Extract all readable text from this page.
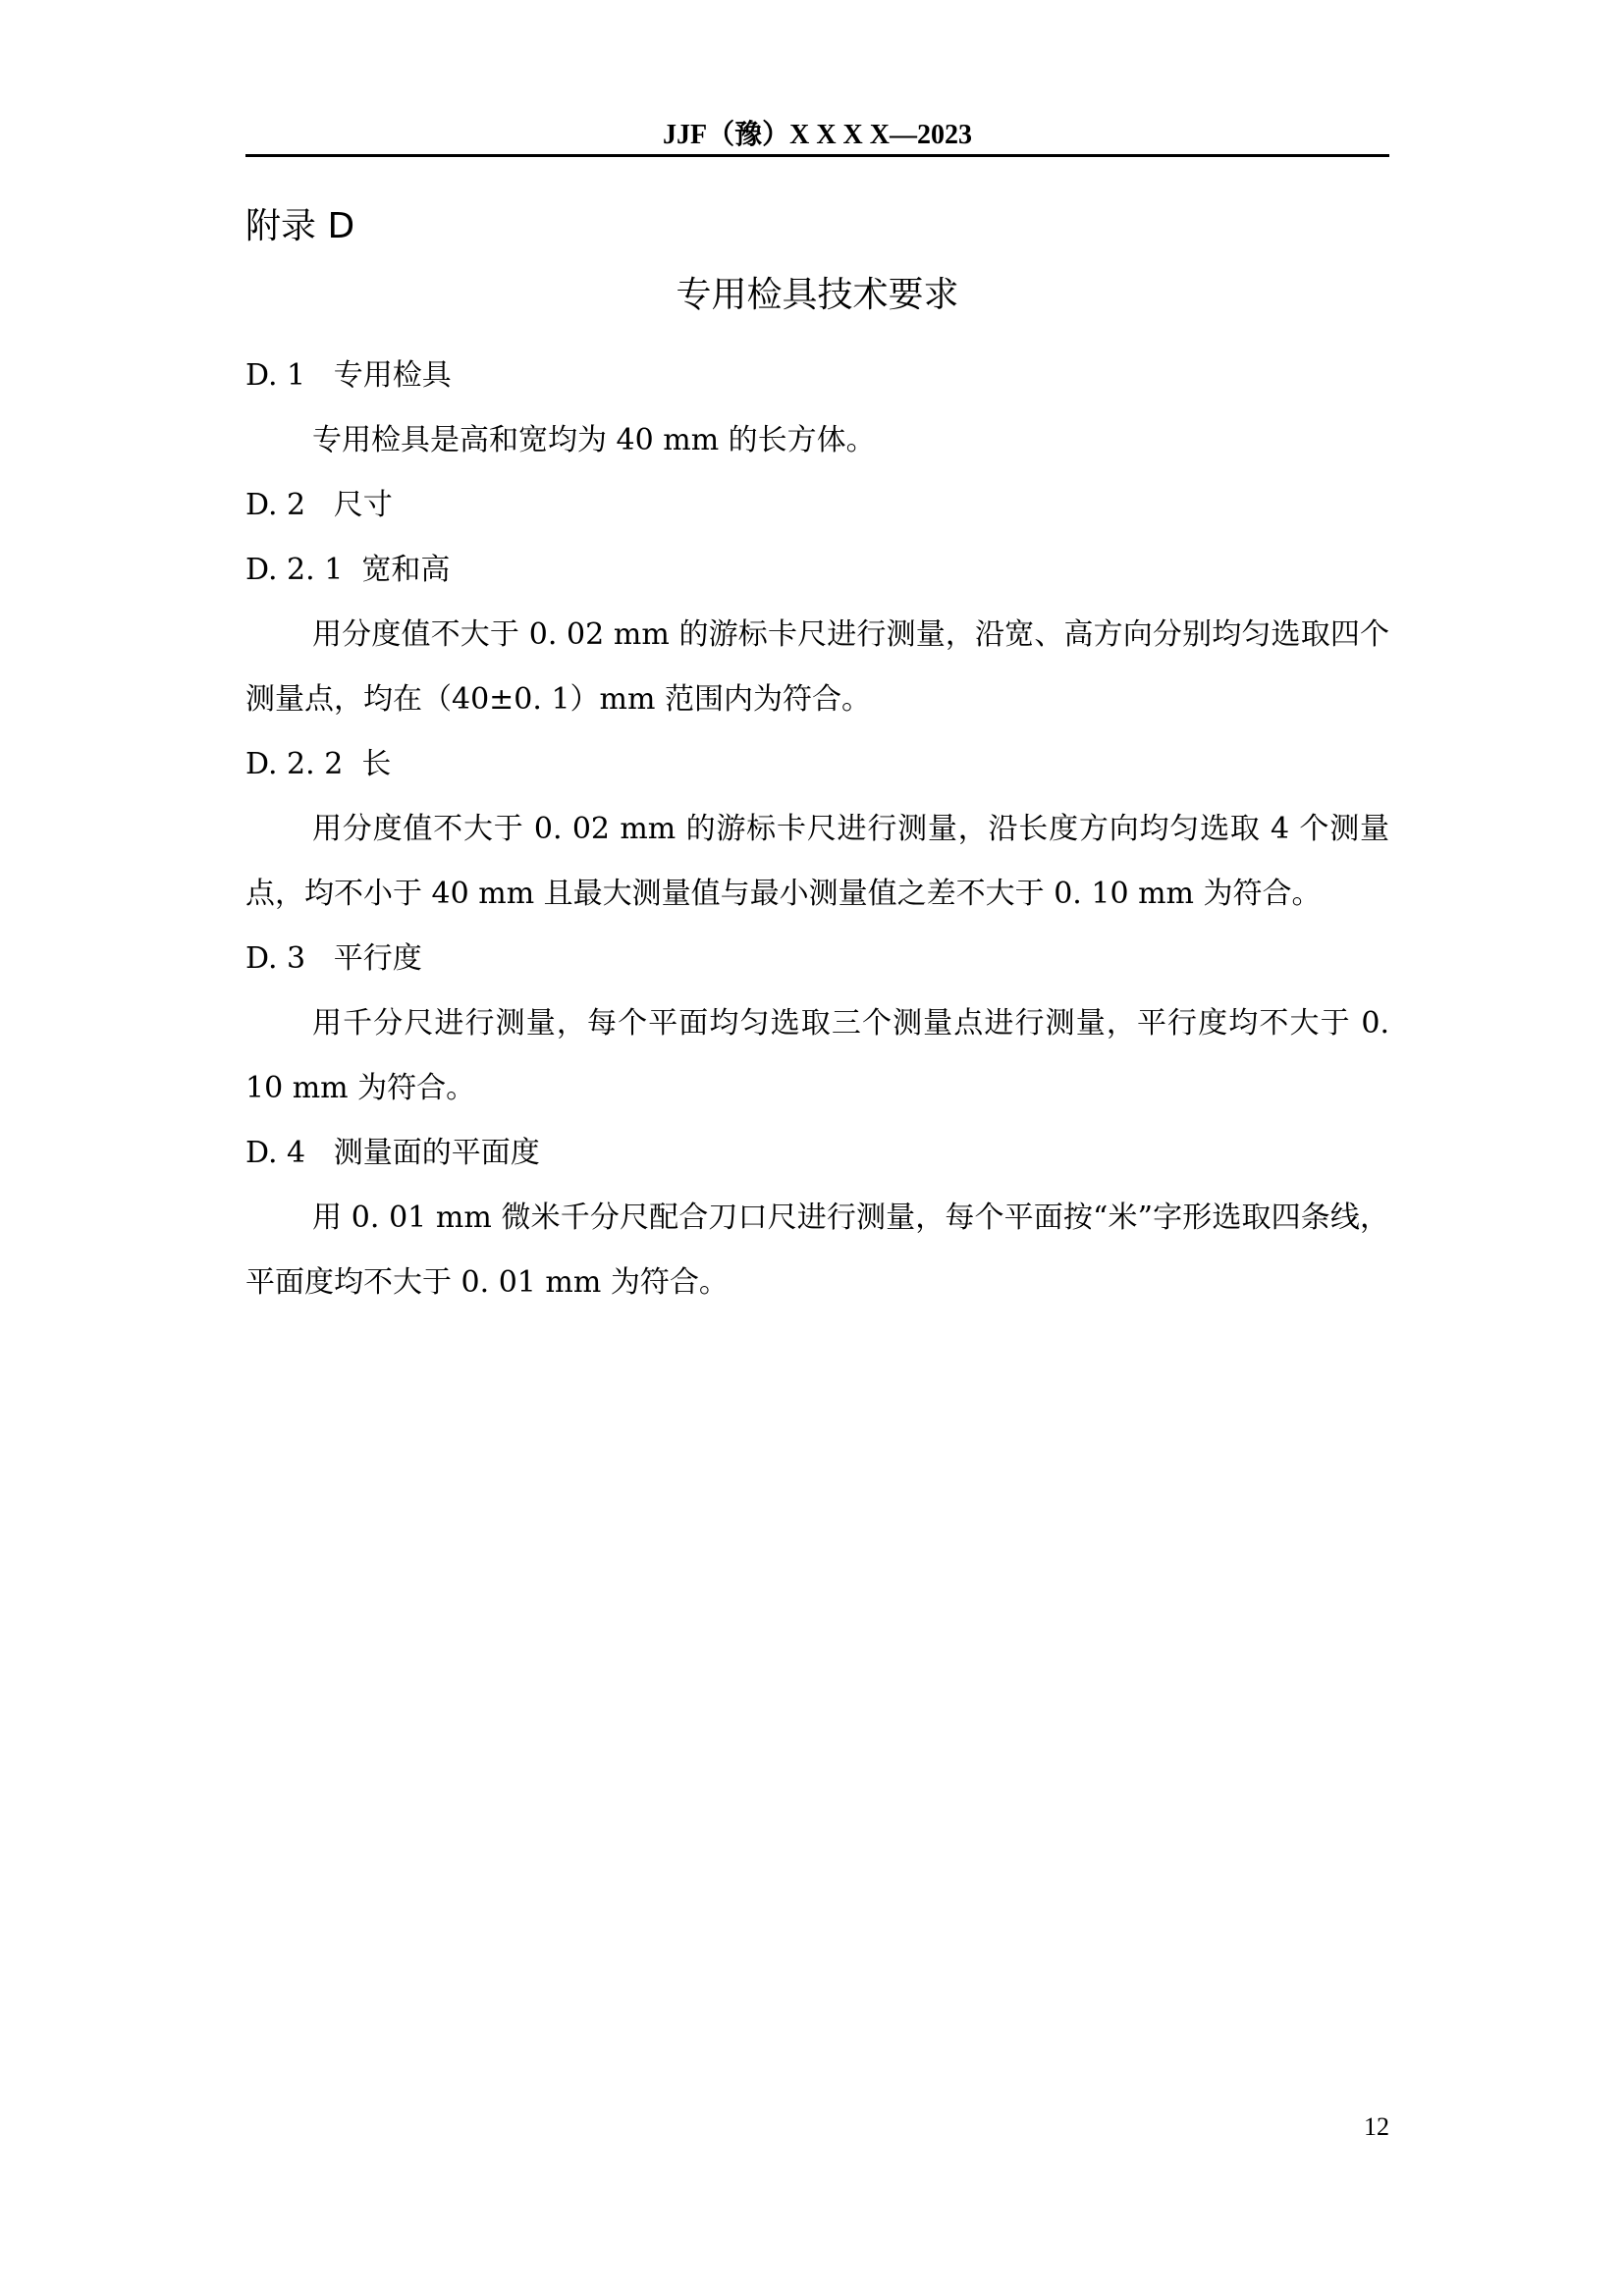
JJF（豫）X X X X—2023

附录 D

专用检具技术要求

D. 1   专用检具

专用检具是高和宽均为 40 mm 的长方体。

D. 2   尺寸

D. 2. 1  宽和高

用分度值不大于 0. 02 mm 的游标卡尺进行测量，沿宽、高方向分别均匀选取四个测量点，均在（40±0. 1）mm 范围内为符合。

D. 2. 2  长

用分度值不大于 0. 02 mm 的游标卡尺进行测量，沿长度方向均匀选取 4 个测量点，均不小于 40 mm 且最大测量值与最小测量值之差不大于 0. 10 mm 为符合。

D. 3   平行度

用千分尺进行测量，每个平面均匀选取三个测量点进行测量，平行度均不大于 0. 10 mm 为符合。

D. 4   测量面的平面度

用 0. 01 mm 微米千分尺配合刀口尺进行测量，每个平面按“米”字形选取四条线，平面度均不大于 0. 01 mm 为符合。

12
